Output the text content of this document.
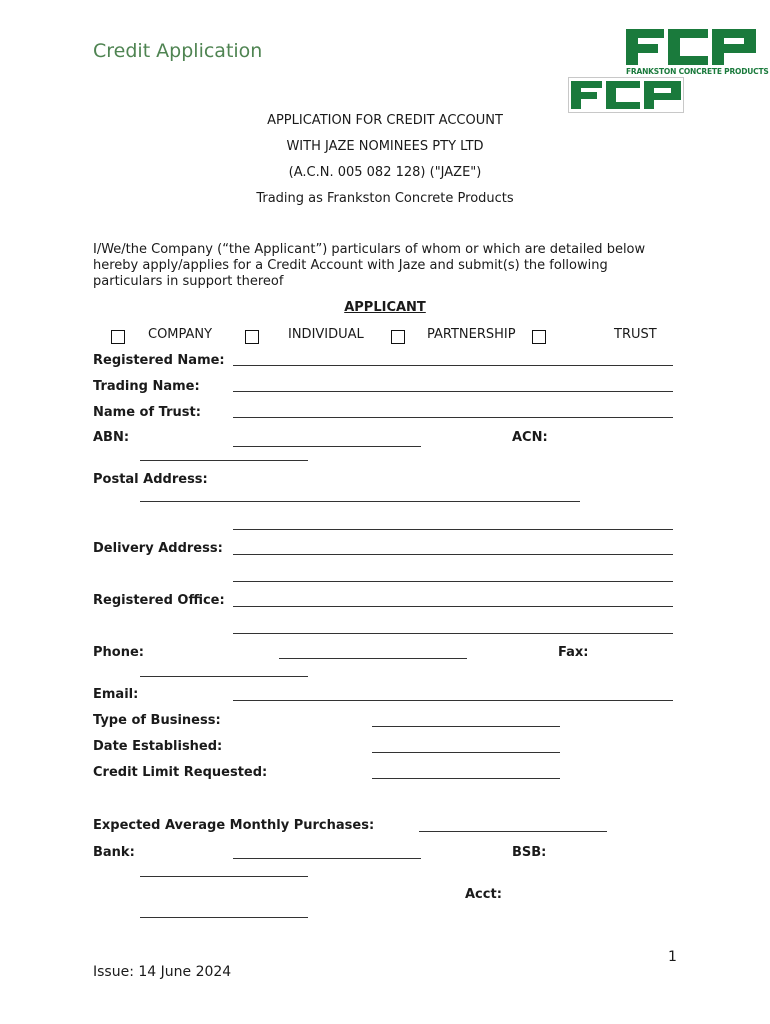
Credit Application
FRANKSTON CONCRETE PRODUCTS
APPLICATION FOR CREDIT ACCOUNT
WITH JAZE NOMINEES PTY LTD
(A.C.N. 005 082 128) ("JAZE")
Trading as Frankston Concrete Products
I/We/the Company (“the Applicant”) particulars of whom or which are detailed below hereby apply/applies for a Credit Account with Jaze and submit(s) the following particulars in support thereof
APPLICANT
COMPANY	INDIVIDUAL	PARTNERSHIP	TRUST
Registered Name:
Trading Name:
Name of Trust:
ABN:	ACN:
Postal Address:
Delivery Address:
Registered Office:
Phone:	Fax:
Email:
Type of Business:
Date Established:
Credit Limit Requested:
Expected Average Monthly Purchases:
Bank:	BSB:
Acct:
1
Issue: 14 June 2024
